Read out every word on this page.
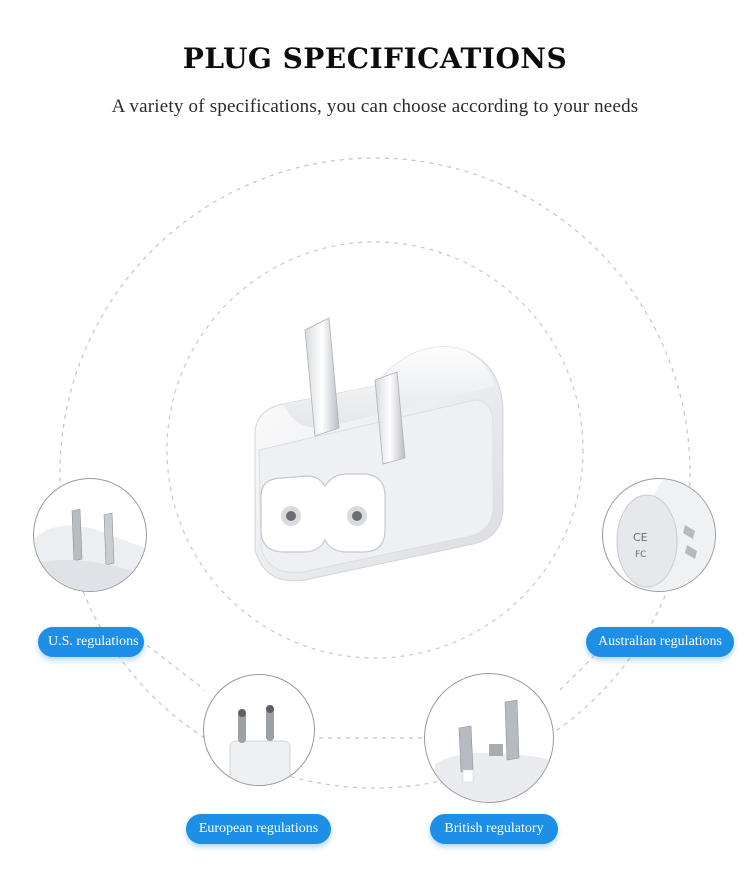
PLUG SPECIFICATIONS

A variety of specifications, you can choose according to your needs

U.S. regulations
CE
FC
Australian regulations
European regulations	British regulatory
